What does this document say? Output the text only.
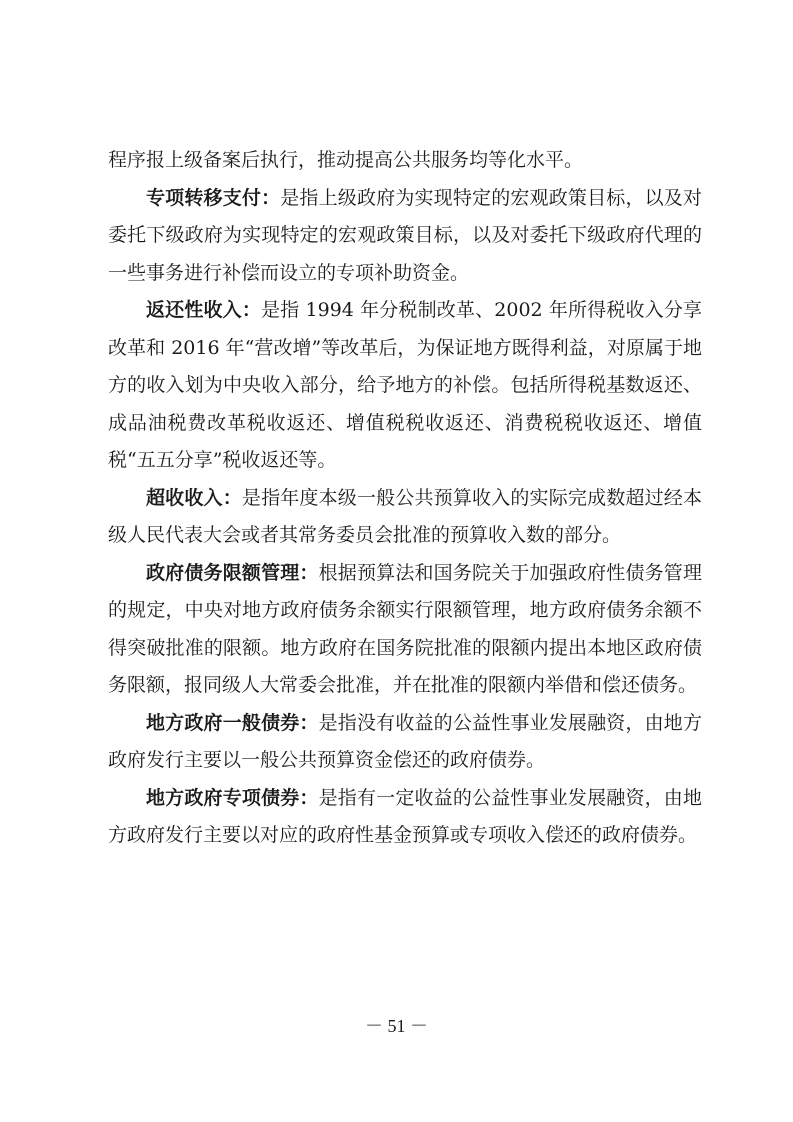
程序报上级备案后执行，推动提高公共服务均等化水平。

专项转移支付：是指上级政府为实现特定的宏观政策目标，以及对委托下级政府为实现特定的宏观政策目标，以及对委托下级政府代理的一些事务进行补偿而设立的专项补助资金。

返还性收入：是指 1994 年分税制改革、2002 年所得税收入分享改革和 2016 年“营改增”等改革后，为保证地方既得利益，对原属于地方的收入划为中央收入部分，给予地方的补偿。包括所得税基数返还、成品油税费改革税收返还、增值税税收返还、消费税税收返还、增值税“五五分享”税收返还等。

超收收入：是指年度本级一般公共预算收入的实际完成数超过经本级人民代表大会或者其常务委员会批准的预算收入数的部分。

政府债务限额管理：根据预算法和国务院关于加强政府性债务管理的规定，中央对地方政府债务余额实行限额管理，地方政府债务余额不得突破批准的限额。地方政府在国务院批准的限额内提出本地区政府债务限额，报同级人大常委会批准，并在批准的限额内举借和偿还债务。

地方政府一般债券：是指没有收益的公益性事业发展融资，由地方政府发行主要以一般公共预算资金偿还的政府债券。

地方政府专项债券：是指有一定收益的公益性事业发展融资，由地方政府发行主要以对应的政府性基金预算或专项收入偿还的政府债券。

－ 51 －
